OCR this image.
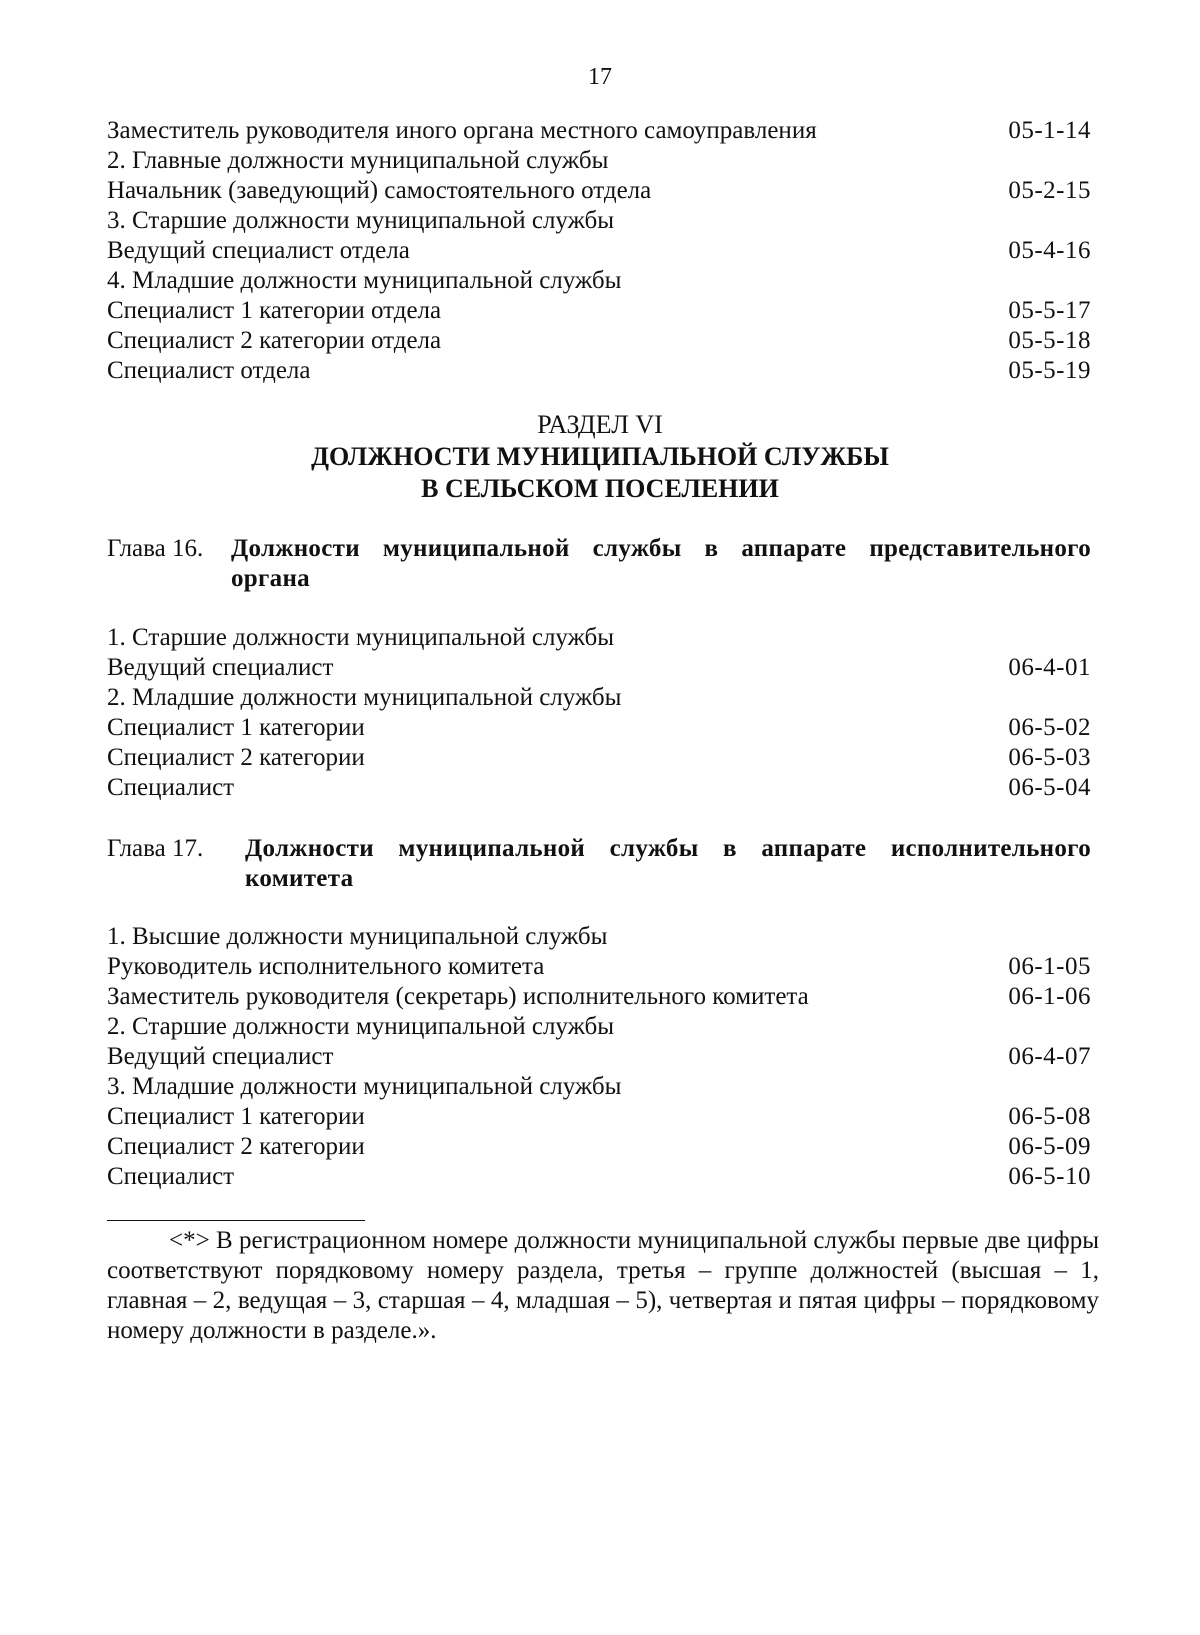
17
Заместитель руководителя иного органа местного самоуправления	05-1-14
2. Главные должности муниципальной службы
Начальник (заведующий) самостоятельного отдела	05-2-15
3. Старшие должности муниципальной службы
Ведущий специалист отдела	05-4-16
4. Младшие должности муниципальной службы
Специалист 1 категории отдела	05-5-17
Специалист 2 категории отдела	05-5-18
Специалист отдела	05-5-19
РАЗДЕЛ VI
ДОЛЖНОСТИ МУНИЦИПАЛЬНОЙ СЛУЖБЫ
В СЕЛЬСКОМ ПОСЕЛЕНИИ
Глава 16.	Должности муниципальной службы в аппарате представительного органа
1. Старшие должности муниципальной службы
Ведущий специалист	06-4-01
2. Младшие должности муниципальной службы
Специалист 1 категории	06-5-02
Специалист 2 категории	06-5-03
Специалист	06-5-04
Глава 17.	Должности муниципальной службы в аппарате исполнительного комитета
1. Высшие должности муниципальной службы
Руководитель исполнительного комитета	06-1-05
Заместитель руководителя (секретарь) исполнительного комитета	06-1-06
2. Старшие должности муниципальной службы
Ведущий специалист	06-4-07
3. Младшие должности муниципальной службы
Специалист 1 категории	06-5-08
Специалист 2 категории	06-5-09
Специалист	06-5-10
<*> В регистрационном номере должности муниципальной службы первые две цифры соответствуют порядковому номеру раздела, третья – группе должностей (высшая – 1, главная – 2, ведущая – 3, старшая – 4, младшая – 5), четвертая и пятая цифры – порядковому номеру должности в разделе.».
